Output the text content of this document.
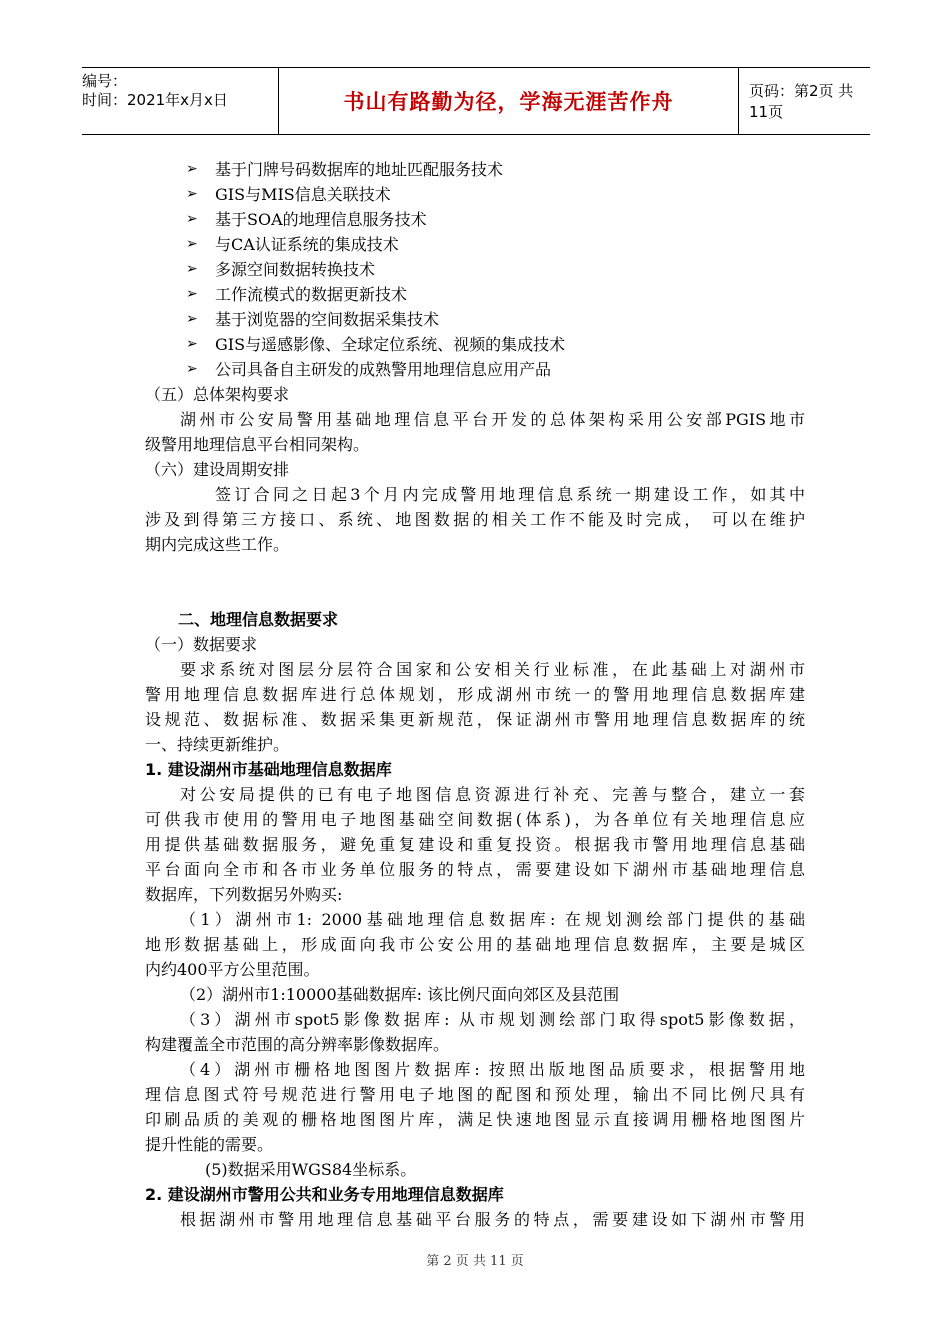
编号：
时间：2021年x月x日	书山有路勤为径，学海无涯苦作舟	页码：第2页 共11页
➢ 基于门牌号码数据库的地址匹配服务技术
➢ GIS与MIS信息关联技术
➢ 基于SOA的地理信息服务技术
➢ 与CA认证系统的集成技术
➢ 多源空间数据转换技术
➢ 工作流模式的数据更新技术
➢ 基于浏览器的空间数据采集技术
➢ GIS与遥感影像、全球定位系统、视频的集成技术
➢ 公司具备自主研发的成熟警用地理信息应用产品
（五）总体架构要求
湖州市公安局警用基础地理信息平台开发的总体架构采用公安部PGIS地市
级警用地理信息平台相同架构。
（六）建设周期安排
签订合同之日起3个月内完成警用地理信息系统一期建设工作，如其中
涉及到得第三方接口、系统、地图数据的相关工作不能及时完成， 可以在维护
期内完成这些工作。
二、地理信息数据要求
（一）数据要求
要求系统对图层分层符合国家和公安相关行业标准，在此基础上对湖州市
警用地理信息数据库进行总体规划，形成湖州市统一的警用地理信息数据库建
设规范、数据标准、数据采集更新规范，保证湖州市警用地理信息数据库的统
一、持续更新维护。
1. 建设湖州市基础地理信息数据库
对公安局提供的已有电子地图信息资源进行补充、完善与整合，建立一套
可供我市使用的警用电子地图基础空间数据(体系)，为各单位有关地理信息应
用提供基础数据服务，避免重复建设和重复投资。根据我市警用地理信息基础
平台面向全市和各市业务单位服务的特点，需要建设如下湖州市基础地理信息
数据库，下列数据另外购买:
（1）湖州市1: 2000基础地理信息数据库: 在规划测绘部门提供的基础
地形数据基础上，形成面向我市公安公用的基础地理信息数据库，主要是城区
内约400平方公里范围。
（2）湖州市1:10000基础数据库: 该比例尺面向郊区及县范围
（3）湖州市spot5影像数据库: 从市规划测绘部门取得spot5影像数据，
构建覆盖全市范围的高分辨率影像数据库。
（4）湖州市栅格地图图片数据库: 按照出版地图品质要求，根据警用地
理信息图式符号规范进行警用电子地图的配图和预处理，输出不同比例尺具有
印刷品质的美观的栅格地图图片库，满足快速地图显示直接调用栅格地图图片
提升性能的需要。
(5)数据采用WGS84坐标系。
2. 建设湖州市警用公共和业务专用地理信息数据库
根据湖州市警用地理信息基础平台服务的特点，需要建设如下湖州市警用
第 2 页 共 11 页
